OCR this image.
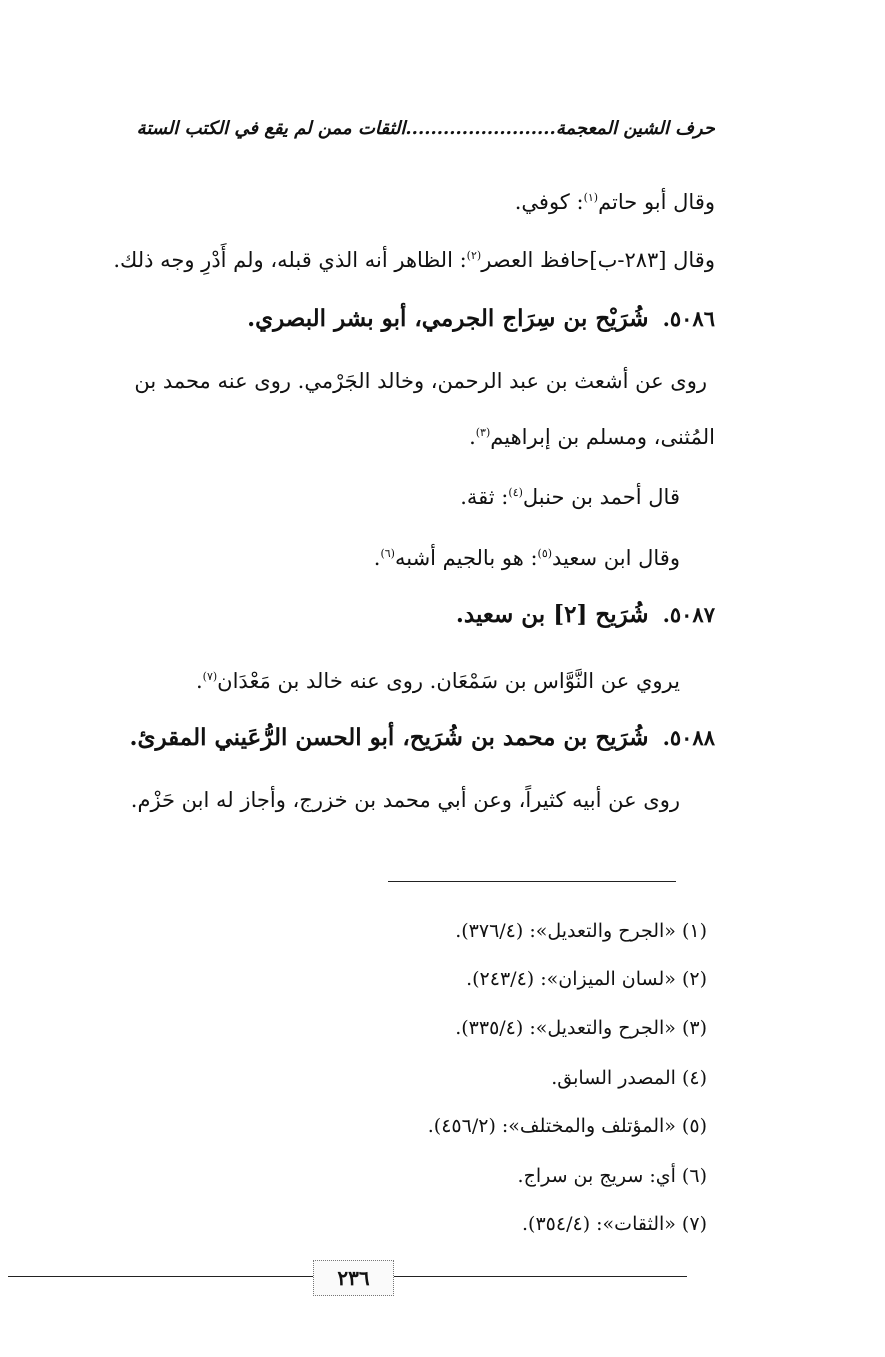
حرف الشين المعجمة........................الثقات ممن لم يقع في الكتب الستة
وقال أبو حاتم$^{(١)}$: كوفي.
وقال [٢٨٣-ب]حافظ العصر$^{(٢)}$: الظاهر أنه الذي قبله، ولم أَدْرِ وجه ذلك.
٥٠٨٦.شُرَيْح بن سِرَاج الجرمي، أبو بشر البصري.
روى عن أشعث بن عبد الرحمن، وخالد الجَرْمي. روى عنه محمد بن
المُثنى، ومسلم بن إبراهيم$^{(٣)}$.
قال أحمد بن حنبل$^{(٤)}$: ثقة.
وقال ابن سعيد$^{(٥)}$: هو بالجيم أشبه$^{(٦)}$.
٥٠٨٧.شُرَيح [٢] بن سعيد.
يروي عن النَّوَّاس بن سَمْعَان. روى عنه خالد بن مَعْدَان$^{(٧)}$.
٥٠٨٨.شُرَيح بن محمد بن شُرَيح، أبو الحسن الرُّعَيني المقرئ.
روى عن أبيه كثيراً، وعن أبي محمد بن خزرج، وأجاز له ابن حَزْم.
(١) «الجرح والتعديل»: (٣٧٦/٤).
(٢) «لسان الميزان»: (٢٤٣/٤).
(٣) «الجرح والتعديل»: (٣٣٥/٤).
(٤) المصدر السابق.
(٥) «المؤتلف والمختلف»: (٤٥٦/٢).
(٦) أي: سريج بن سراج.
(٧) «الثقات»: (٣٥٤/٤).
٢٣٦
